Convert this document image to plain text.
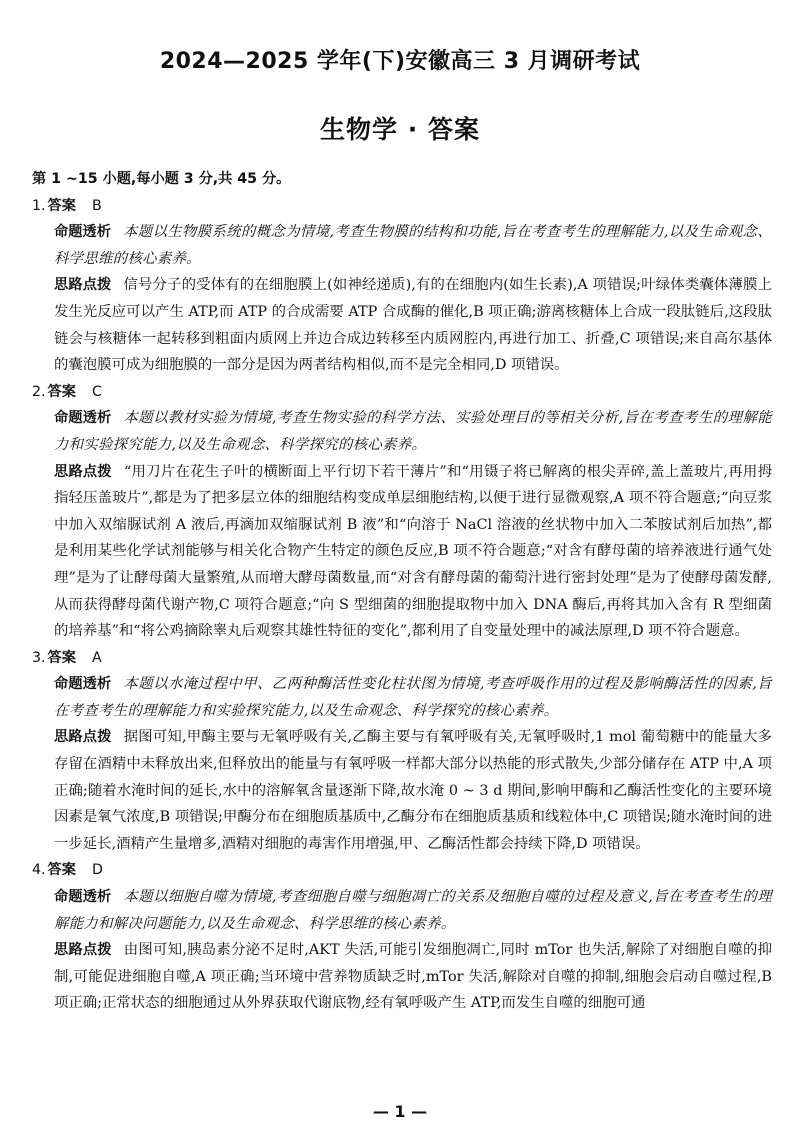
2024—2025 学年(下)安徽高三 3 月调研考试
生物学 · 答案
第 1 ~15 小题,每小题 3 分,共 45 分。
1. 答案 B
命题透析 本题以生物膜系统的概念为情境,考查生物膜的结构和功能,旨在考查考生的理解能力,以及生命观念、科学思维的核心素养。
思路点拨 信号分子的受体有的在细胞膜上(如神经递质),有的在细胞内(如生长素),A 项错误;叶绿体类囊体薄膜上发生光反应可以产生 ATP,而 ATP 的合成需要 ATP 合成酶的催化,B 项正确;游离核糖体上合成一段肽链后,这段肽链会与核糖体一起转移到粗面内质网上并边合成边转移至内质网腔内,再进行加工、折叠,C 项错误;来自高尔基体的囊泡膜可成为细胞膜的一部分是因为两者结构相似,而不是完全相同,D 项错误。
2. 答案 C
命题透析 本题以教材实验为情境,考查生物实验的科学方法、实验处理目的等相关分析,旨在考查考生的理解能力和实验探究能力,以及生命观念、科学探究的核心素养。
思路点拨 “用刀片在花生子叶的横断面上平行切下若干薄片”和“用镊子将已解离的根尖弄碎,盖上盖玻片,再用拇指轻压盖玻片”,都是为了把多层立体的细胞结构变成单层细胞结构,以便于进行显微观察,A 项不符合题意;“向豆浆中加入双缩脲试剂 A 液后,再滴加双缩脲试剂 B 液”和“向溶于 NaCl 溶液的丝状物中加入二苯胺试剂后加热”,都是利用某些化学试剂能够与相关化合物产生特定的颜色反应,B 项不符合题意;“对含有酵母菌的培养液进行通气处理”是为了让酵母菌大量繁殖,从而增大酵母菌数量,而“对含有酵母菌的葡萄汁进行密封处理”是为了使酵母菌发酵,从而获得酵母菌代谢产物,C 项符合题意;“向 S 型细菌的细胞提取物中加入 DNA 酶后,再将其加入含有 R 型细菌的培养基”和“将公鸡摘除睾丸后观察其雄性特征的变化”,都利用了自变量处理中的减法原理,D 项不符合题意。
3. 答案 A
命题透析 本题以水淹过程中甲、乙两种酶活性变化柱状图为情境,考查呼吸作用的过程及影响酶活性的因素,旨在考查考生的理解能力和实验探究能力,以及生命观念、科学探究的核心素养。
思路点拨 据图可知,甲酶主要与无氧呼吸有关,乙酶主要与有氧呼吸有关,无氧呼吸时,1 mol 葡萄糖中的能量大多存留在酒精中未释放出来,但释放出的能量与有氧呼吸一样都大部分以热能的形式散失,少部分储存在 ATP 中,A 项正确;随着水淹时间的延长,水中的溶解氧含量逐渐下降,故水淹 0 ~ 3 d 期间,影响甲酶和乙酶活性变化的主要环境因素是氧气浓度,B 项错误;甲酶分布在细胞质基质中,乙酶分布在细胞质基质和线粒体中,C 项错误;随水淹时间的进一步延长,酒精产生量增多,酒精对细胞的毒害作用增强,甲、乙酶活性都会持续下降,D 项错误。
4. 答案 D
命题透析 本题以细胞自噬为情境,考查细胞自噬与细胞凋亡的关系及细胞自噬的过程及意义,旨在考查考生的理解能力和解决问题能力,以及生命观念、科学思维的核心素养。
思路点拨 由图可知,胰岛素分泌不足时,AKT 失活,可能引发细胞凋亡,同时 mTor 也失活,解除了对细胞自噬的抑制,可能促进细胞自噬,A 项正确;当环境中营养物质缺乏时,mTor 失活,解除对自噬的抑制,细胞会启动自噬过程,B 项正确;正常状态的细胞通过从外界获取代谢底物,经有氧呼吸产生 ATP,而发生自噬的细胞可通
— 1 —
